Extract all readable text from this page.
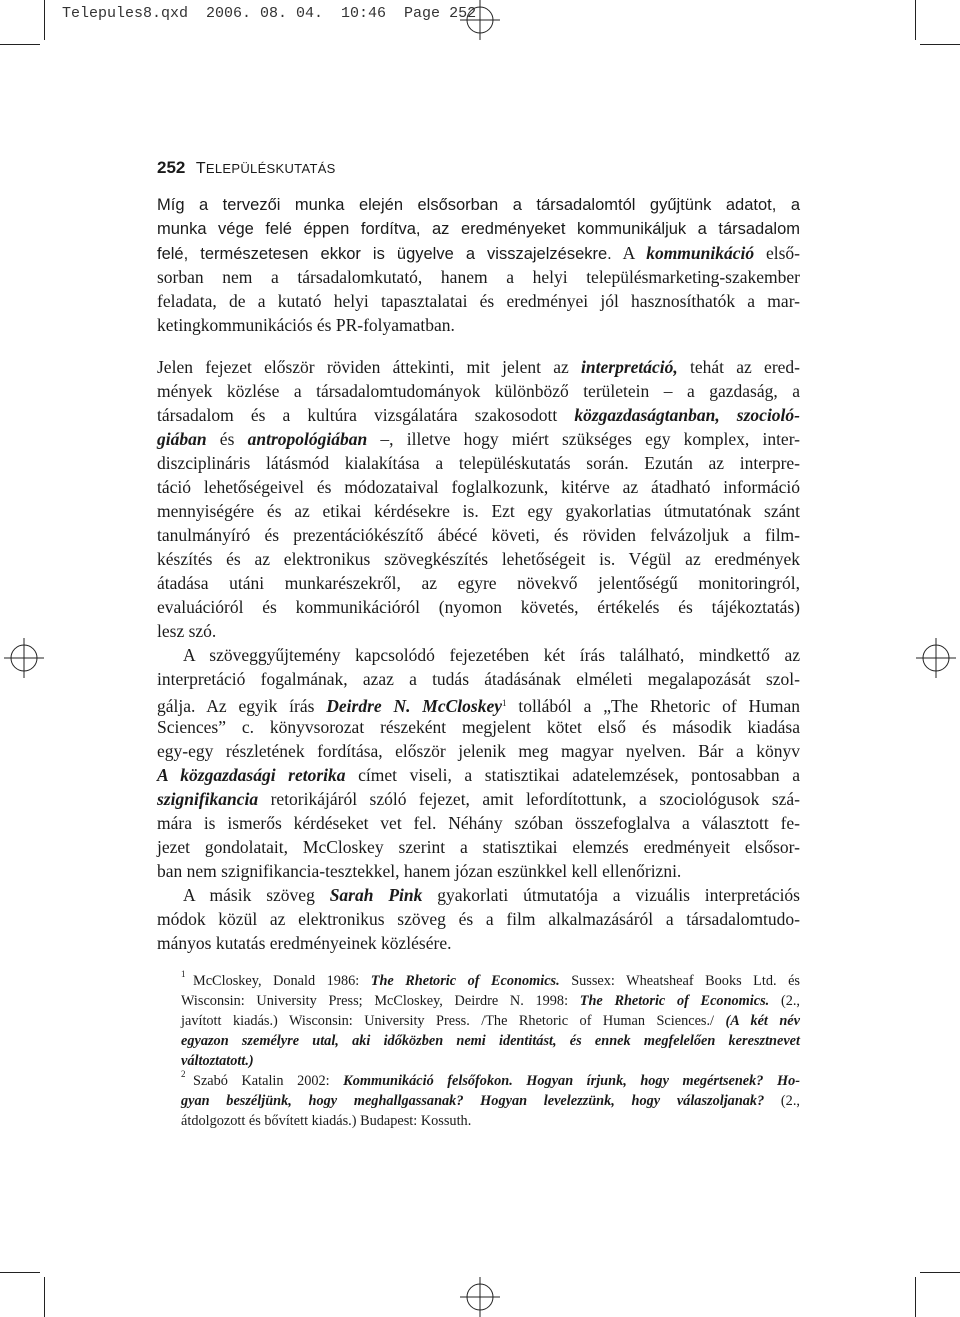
Telepules8.qxd  2006. 08. 04.  10:46  Page 252
252 TELEPÜLÉSKUTATÁS
Míg a tervezői munka elején elsősorban a társadalomtól gyűjtünk adatot, a
munka vége felé éppen fordítva, az eredményeket kommunikáljuk a társadalom
felé, természetesen ekkor is ügyelve a visszajelzésekre. A kommunikáció első-
sorban nem a társadalomkutató, hanem a helyi településmarketing-szakember
feladata, de a kutató helyi tapasztalatai és eredményei jól hasznosíthatók a mar-
ketingkommunikációs és PR-folyamatban.
Jelen fejezet először röviden áttekinti, mit jelent az interpretáció, tehát az ered-
mények közlése a társadalomtudományok különböző területein – a gazdaság, a
társadalom és a kultúra vizsgálatára szakosodott közgazdaságtanban, szocioló-
giában és antropológiában –, illetve hogy miért szükséges egy komplex, inter-
diszciplináris látásmód kialakítása a településkutatás során. Ezután az interpre-
táció lehetőségeivel és módozataival foglalkozunk, kitérve az átadható információ
mennyiségére és az etikai kérdésekre is. Ezt egy gyakorlatias útmutatónak szánt
tanulmányíró és prezentációkészítő ábécé követi, és röviden felvázoljuk a film-
készítés és az elektronikus szövegkészítés lehetőségeit is. Végül az eredmények
átadása utáni munkarészekről, az egyre növekvő jelentőségű monitoringról,
evaluációról és kommunikációról (nyomon követés, értékelés és tájékoztatás)
lesz szó.
A szöveggyűjtemény kapcsolódó fejezetében két írás található, mindkettő az
interpretáció fogalmának, azaz a tudás átadásának elméleti megalapozását szol-
gálja. Az egyik írás Deirdre N. McCloskey$^1$ tollából a „The Rhetoric of Human
Sciences” c. könyvsorozat részeként megjelent kötet első és második kiadása
egy-egy részletének fordítása, először jelenik meg magyar nyelven. Bár a könyv
A közgazdasági retorika címet viseli, a statisztikai adatelemzések, pontosabban a
szignifikancia retorikájáról szóló fejezet, amit lefordítottunk, a szociológusok szá-
mára is ismerős kérdéseket vet fel. Néhány szóban összefoglalva a választott fe-
jezet gondolatait, McCloskey szerint a statisztikai elemzés eredményeit elsősor-
ban nem szignifikancia-tesztekkel, hanem józan eszünkkel kell ellenőrizni.
A másik szöveg Sarah Pink gyakorlati útmutatója a vizuális interpretációs
módok közül az elektronikus szöveg és a film alkalmazásáról a társadalomtudo-
mányos kutatás eredményeinek közlésére.
1 McCloskey, Donald 1986: The Rhetoric of Economics. Sussex: Wheatsheaf Books Ltd. és
Wisconsin: University Press; McCloskey, Deirdre N. 1998: The Rhetoric of Economics. (2.,
javított kiadás.) Wisconsin: University Press. /The Rhetoric of Human Sciences./ (A két név
egyazon személyre utal, aki időközben nemi identitást, és ennek megfelelően keresztnevet
változtatott.)
2 Szabó Katalin 2002: Kommunikáció felsőfokon. Hogyan írjunk, hogy megértsenek? Ho-
gyan beszéljünk, hogy meghallgassanak? Hogyan levelezzünk, hogy válaszoljanak? (2.,
átdolgozott és bővített kiadás.) Budapest: Kossuth.
